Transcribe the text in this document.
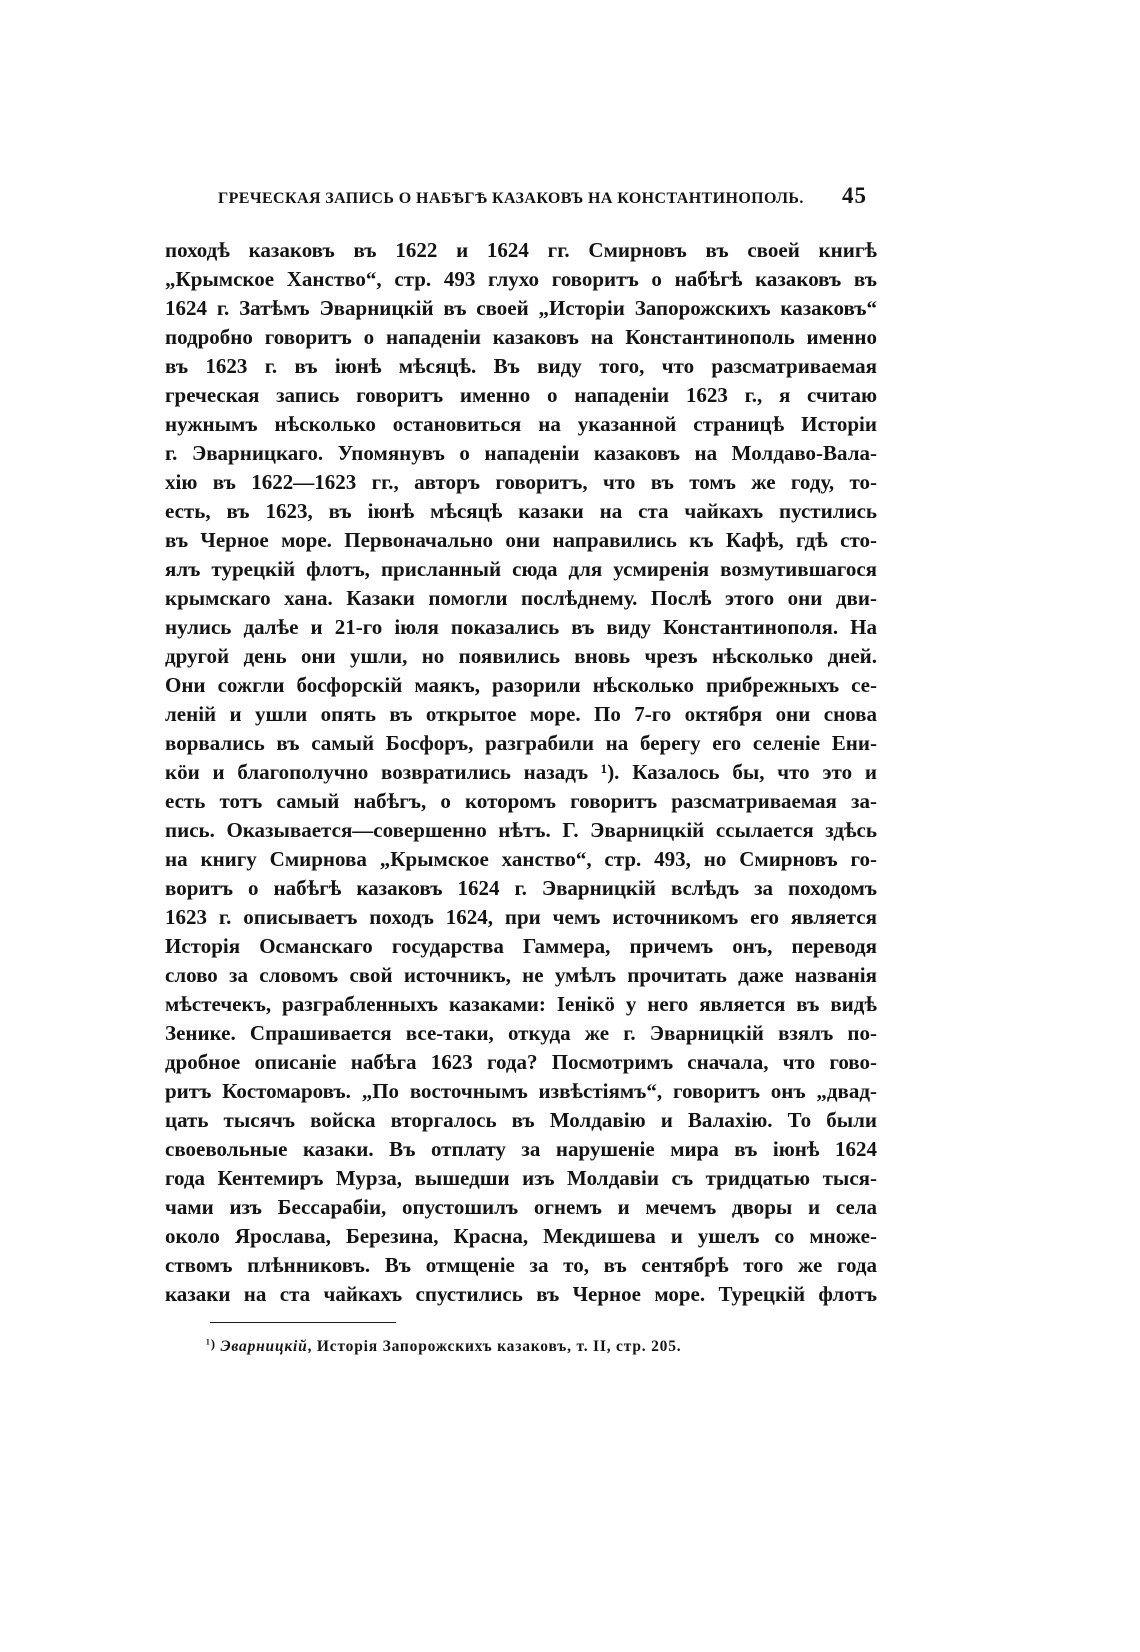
ГРЕЧЕСКАЯ ЗАПИСЬ О НАБѢГѢ КАЗАКОВЪ НА КОНСТАНТИНОПОЛЬ.	45
походѣ казаковъ въ 1622 и 1624 гг. Смирновъ въ своей книгѣ
„Крымское Ханство“, стр. 493 глухо говоритъ о набѣгѣ казаковъ въ
1624 г. Затѣмъ Эварницкій въ своей „Исторіи Запорожскихъ казаковъ“
подробно говоритъ о нападеніи казаковъ на Константинополь именно
въ 1623 г. въ іюнѣ мѣсяцѣ. Въ виду того, что разсматриваемая
греческая запись говоритъ именно о нападеніи 1623 г., я считаю
нужнымъ нѣсколько остановиться на указанной страницѣ Исторіи
г. Эварницкаго. Упомянувъ о нападеніи казаковъ на Молдаво-Вала-
хію въ 1622—1623 гг., авторъ говоритъ, что въ томъ же году, то-
есть, въ 1623, въ іюнѣ мѣсяцѣ казаки на ста чайкахъ пустились
въ Черное море. Первоначально они направились къ Кафѣ, гдѣ сто-
ялъ турецкій флотъ, присланный сюда для усмиренія возмутившагося
крымскаго хана. Казаки помогли послѣднему. Послѣ этого они дви-
нулись далѣе и 21-го іюля показались въ виду Константинополя. На
другой день они ушли, но появились вновь чрезъ нѣсколько дней.
Они сожгли босфорскій маякъ, разорили нѣсколько прибрежныхъ се-
леній и ушли опять въ открытое море. По 7-го октября они снова
ворвались въ самый Босфоръ, разграбили на берегу его селеніе Ени-
кöи и благополучно возвратились назадъ ¹). Казалось бы, что это и
есть тотъ самый набѣгъ, о которомъ говоритъ разсматриваемая за-
пись. Оказывается—совершенно нѣтъ. Г. Эварницкій ссылается здѣсь
на книгу Смирнова „Крымское ханство“, стр. 493, но Смирновъ го-
воритъ о набѣгѣ казаковъ 1624 г. Эварницкій вслѣдъ за походомъ
1623 г. описываетъ походъ 1624, при чемъ источникомъ его является
Исторія Османскаго государства Гаммера, причемъ онъ, переводя
слово за словомъ свой источникъ, не умѣлъ прочитать даже названія
мѣстечекъ, разграбленныхъ казаками: Іенікö у него является въ видѣ
Зенике. Спрашивается все-таки, откуда же г. Эварницкій взялъ по-
дробное описаніе набѣга 1623 года? Посмотримъ сначала, что гово-
ритъ Костомаровъ. „По восточнымъ извѣстіямъ“, говоритъ онъ „двад-
цать тысячъ войска вторгалось въ Молдавію и Валахію. То были
своевольные казаки. Въ отплату за нарушеніе мира въ іюнѣ 1624
года Кентемиръ Мурза, вышедши изъ Молдавіи съ тридцатью тыся-
чами изъ Бессарабіи, опустошилъ огнемъ и мечемъ дворы и села
около Ярослава, Березина, Красна, Мекдишева и ушелъ со множе-
ствомъ плѣнниковъ. Въ отмщеніе за то, въ сентябрѣ того же года
казаки на ста чайкахъ спустились въ Черное море. Турецкій флотъ
¹) Эварницкій, Исторія Запорожскихъ казаковъ, т. II, стр. 205.
